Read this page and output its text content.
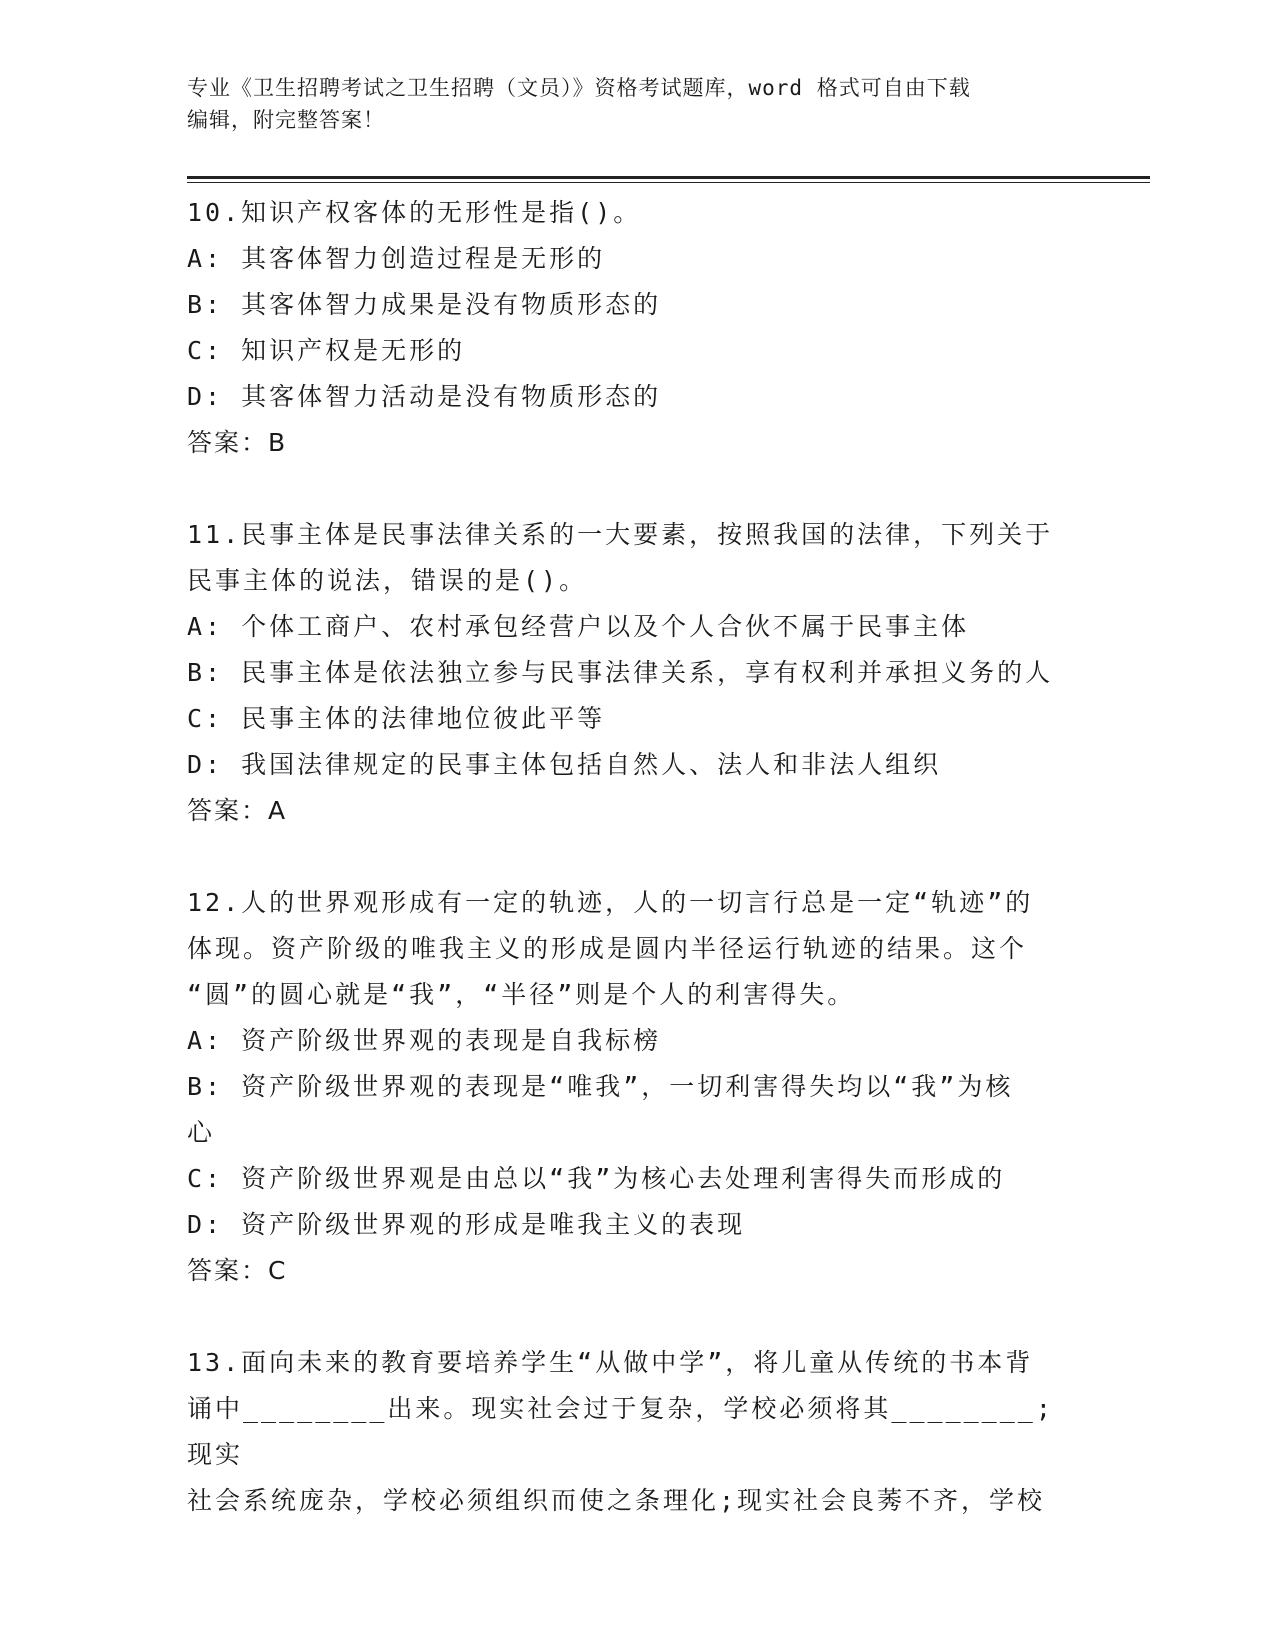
专业《卫生招聘考试之卫生招聘（文员）》资格考试题库，word 格式可自由下载
编辑，附完整答案！

10.知识产权客体的无形性是指()。

A: 其客体智力创造过程是无形的

B: 其客体智力成果是没有物质形态的

C: 知识产权是无形的

D: 其客体智力活动是没有物质形态的

答案：B

11.民事主体是民事法律关系的一大要素，按照我国的法律，下列关于

民事主体的说法，错误的是()。

A: 个体工商户、农村承包经营户以及个人合伙不属于民事主体

B: 民事主体是依法独立参与民事法律关系，享有权利并承担义务的人

C: 民事主体的法律地位彼此平等

D: 我国法律规定的民事主体包括自然人、法人和非法人组织

答案：A

12.人的世界观形成有一定的轨迹，人的一切言行总是一定“轨迹”的

体现。资产阶级的唯我主义的形成是圆内半径运行轨迹的结果。这个

“圆”的圆心就是“我”，“半径”则是个人的利害得失。

A: 资产阶级世界观的表现是自我标榜

B: 资产阶级世界观的表现是“唯我”，一切利害得失均以“我”为核

心

C: 资产阶级世界观是由总以“我”为核心去处理利害得失而形成的

D: 资产阶级世界观的形成是唯我主义的表现

答案：C

13.面向未来的教育要培养学生“从做中学”，将儿童从传统的书本背

诵中________出来。现实社会过于复杂，学校必须将其________;现实

社会系统庞杂，学校必须组织而使之条理化;现实社会良莠不齐，学校
